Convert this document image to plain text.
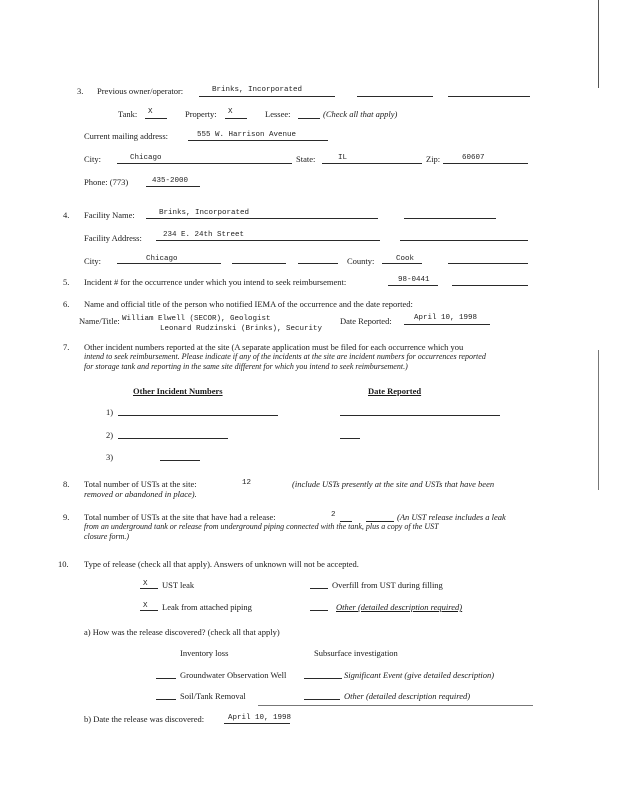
3. Previous owner/operator:	Brinks, Incorporated
Tank: X	Property: X	Lessee:	(Check all that apply)
Current mailing address:	555 W. Harrison Avenue
City:	Chicago	State:	IL	Zip:	60607
Phone: (773)	435-2000
4. Facility Name:	Brinks, Incorporated
Facility Address:	234 E. 24th Street
City:	Chicago	County:	Cook
5. Incident # for the occurrence under which you intend to seek reimbursement:	98-0441
6. Name and official title of the person who notified IEMA of the occurrence and the date reported:
Name/Title: William Elwell (SECOR), Geologist
Leonard Rudzinski (Brinks), Security
Date Reported:	April 10, 1998
7. Other incident numbers reported at the site (A separate application must be filed for each occurrence which you
intend to seek reimbursement. Please indicate if any of the incidents at the site are incident numbers for occurrences reported
for storage tank and reporting in the same site different for which you intend to seek reimbursement.)
Other Incident Numbers	Date Reported
1)
2)
3)
8. Total number of USTs at the site:	12	(include USTs presently at the site and USTs that have been
removed or abandoned in place).
9. Total number of USTs at the site that have had a release:	2	(An UST release includes a leak
from an underground tank or release from underground piping connected with the tank, plus a copy of the UST
closure form.)
10. Type of release (check all that apply). Answers of unknown will not be accepted.
X UST leak	Overfill from UST during filling
X Leak from attached piping	Other (detailed description required)
a) How was the release discovered? (check all that apply)
Inventory loss	Subsurface investigation
Groundwater Observation Well	Significant Event (give detailed description)
Soil/Tank Removal	Other (detailed description required)
b) Date the release was discovered:	April 10, 1998
